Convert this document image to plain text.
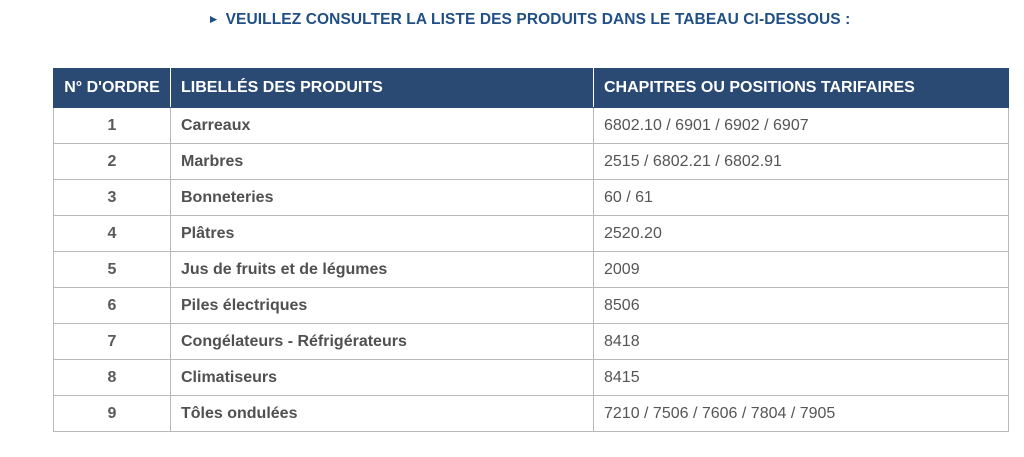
► VEUILLEZ CONSULTER LA LISTE DES PRODUITS DANS LE TABEAU CI-DESSOUS :
N° D'ORDRE	LIBELLÉS DES PRODUITS	CHAPITRES OU POSITIONS TARIFAIRES
1	Carreaux	6802.10 / 6901 / 6902 / 6907
2	Marbres	2515 / 6802.21 / 6802.91
3	Bonneteries	60 / 61
4	Plâtres	2520.20
5	Jus de fruits et de légumes	2009
6	Piles électriques	8506
7	Congélateurs - Réfrigérateurs	8418
8	Climatiseurs	8415
9	Tôles ondulées	7210 / 7506 / 7606 / 7804 / 7905
